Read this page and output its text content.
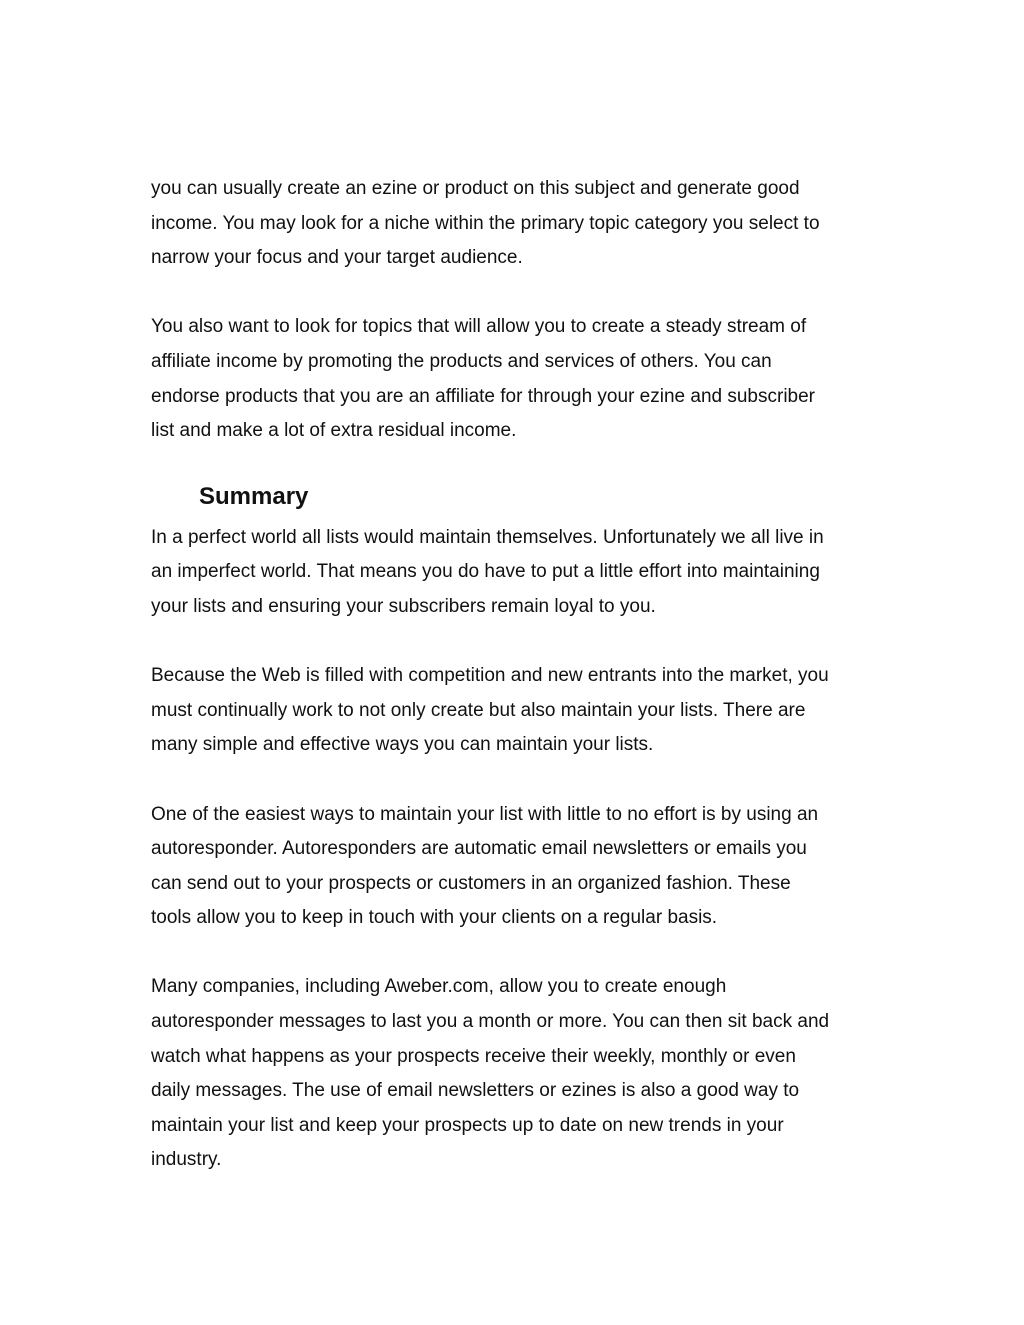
you can usually create an ezine or product on this subject and generate good
income. You may look for a niche within the primary topic category you select to
narrow your focus and your target audience.

You also want to look for topics that will allow you to create a steady stream of
affiliate income by promoting the products and services of others. You can
endorse products that you are an affiliate for through your ezine and subscriber
list and make a lot of extra residual income.

Summary

In a perfect world all lists would maintain themselves. Unfortunately we all live in
an imperfect world. That means you do have to put a little effort into maintaining
your lists and ensuring your subscribers remain loyal to you.

Because the Web is filled with competition and new entrants into the market, you
must continually work to not only create but also maintain your lists. There are
many simple and effective ways you can maintain your lists.

One of the easiest ways to maintain your list with little to no effort is by using an
autoresponder. Autoresponders are automatic email newsletters or emails you
can send out to your prospects or customers in an organized fashion. These
tools allow you to keep in touch with your clients on a regular basis.

Many companies, including Aweber.com, allow you to create enough
autoresponder messages to last you a month or more. You can then sit back and
watch what happens as your prospects receive their weekly, monthly or even
daily messages. The use of email newsletters or ezines is also a good way to
maintain your list and keep your prospects up to date on new trends in your
industry.
